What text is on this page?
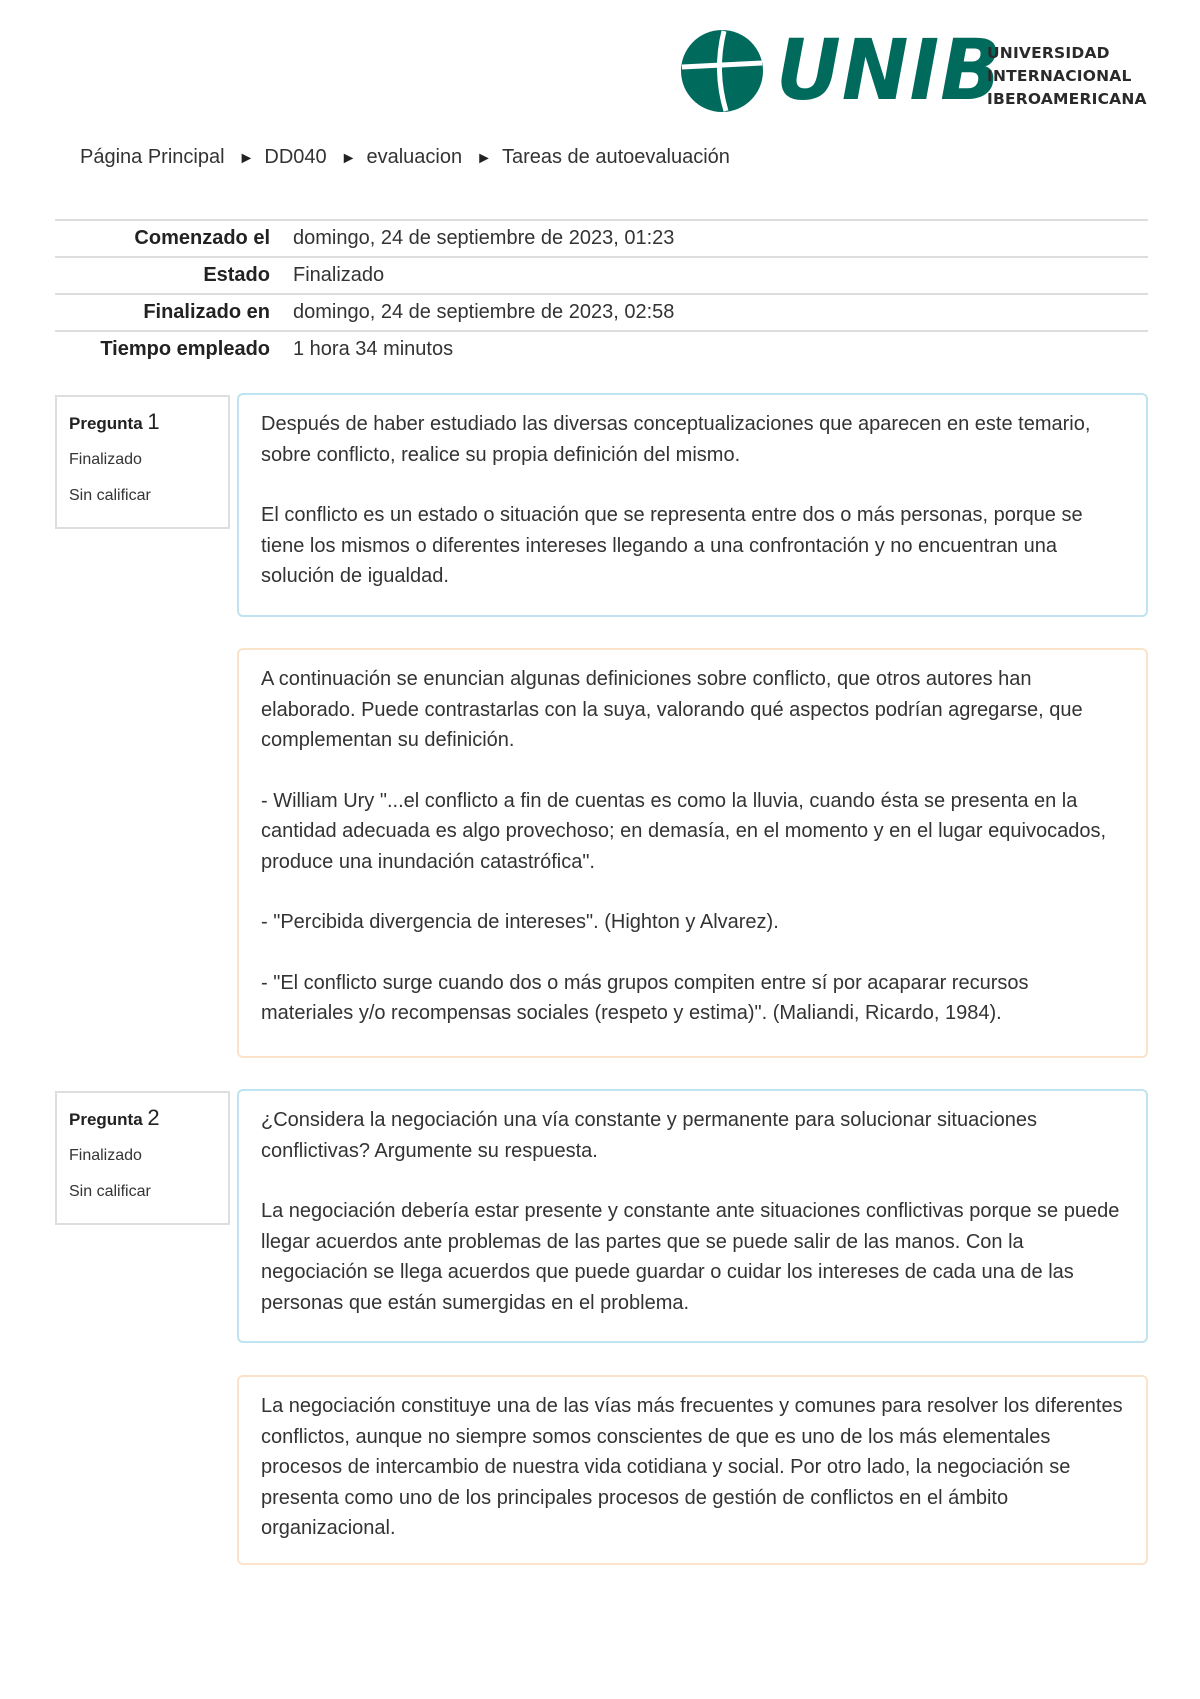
UNIB
UNIVERSIDAD
INTERNACIONAL
IBEROAMERICANA
Página Principal ► DD040 ► evaluacion ► Tareas de autoevaluación
Comenzado el	domingo, 24 de septiembre de 2023, 01:23
Estado	Finalizado
Finalizado en	domingo, 24 de septiembre de 2023, 02:58
Tiempo empleado	1 hora 34 minutos
Pregunta 1
Finalizado
Sin calificar

Después de haber estudiado las diversas conceptualizaciones que aparecen en este temario, sobre conflicto, realice su propia definición del mismo.

El conflicto es un estado o situación que se representa entre dos o más personas, porque se tiene los mismos o diferentes intereses llegando a una confrontación y no encuentran una solución de igualdad.

A continuación se enuncian algunas definiciones sobre conflicto, que otros autores han elaborado. Puede contrastarlas con la suya, valorando qué aspectos podrían agregarse, que complementan su definición.

- William Ury "...el conflicto a fin de cuentas es como la lluvia, cuando ésta se presenta en la cantidad adecuada es algo provechoso; en demasía, en el momento y en el lugar equivocados, produce una inundación catastrófica".

- "Percibida divergencia de intereses". (Highton y Alvarez).

- "El conflicto surge cuando dos o más grupos compiten entre sí por acaparar recursos materiales y/o recompensas sociales (respeto y estima)". (Maliandi, Ricardo, 1984).

Pregunta 2
Finalizado
Sin calificar

¿Considera la negociación una vía constante y permanente para solucionar situaciones conflictivas? Argumente su respuesta.

La negociación debería estar presente y constante ante situaciones conflictivas porque se puede llegar acuerdos ante problemas de las partes que se puede salir de las manos. Con la negociación se llega acuerdos que puede guardar o cuidar los intereses de cada una de las personas que están sumergidas en el problema.

La negociación constituye una de las vías más frecuentes y comunes para resolver los diferentes conflictos, aunque no siempre somos conscientes de que es uno de los más elementales procesos de intercambio de nuestra vida cotidiana y social. Por otro lado, la negociación se presenta como uno de los principales procesos de gestión de conflictos en el ámbito organizacional.
